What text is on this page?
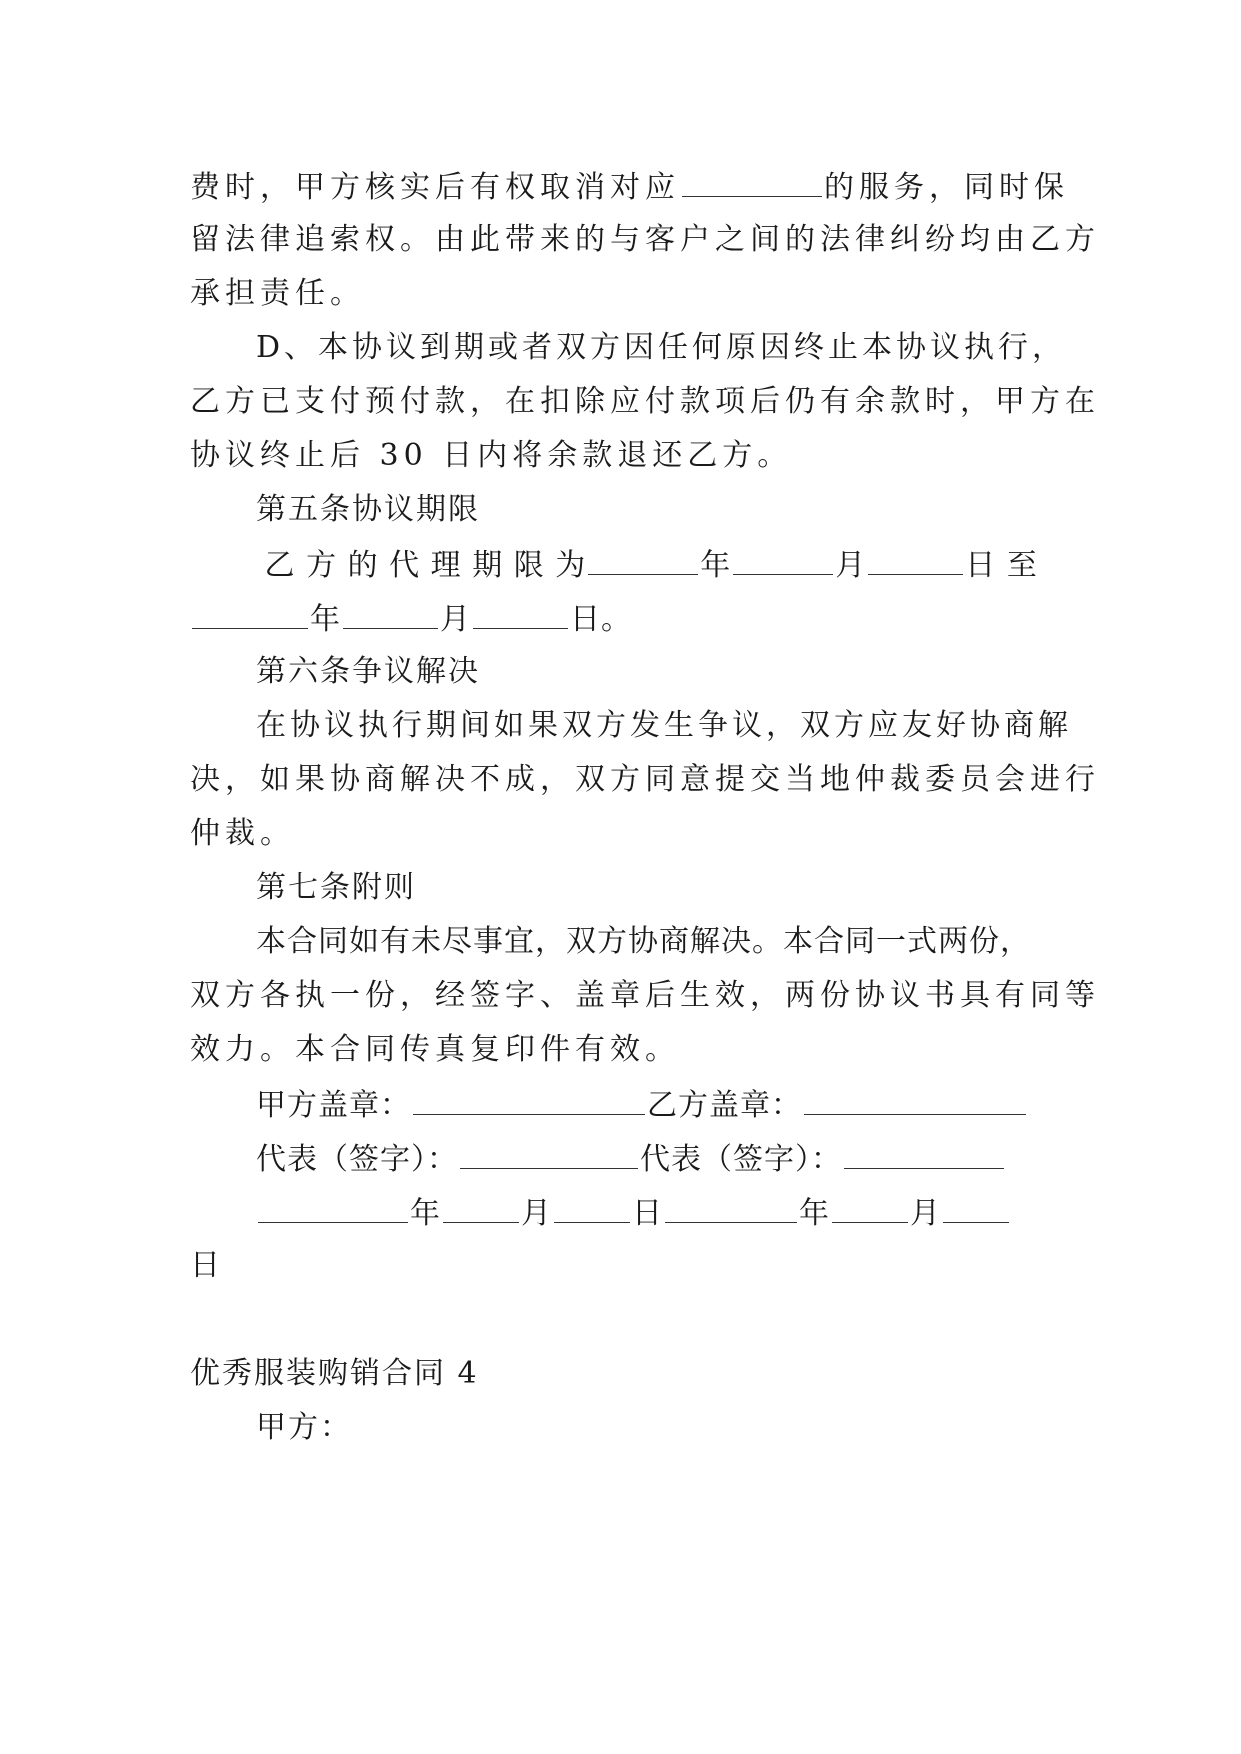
费时，甲方核实后有权取消对应	的服务，同时保

留法律追索权。由此带来的与客户之间的法律纠纷均由乙方

承担责任。

D、本协议到期或者双方因任何原因终止本协议执行，

乙方已支付预付款，在扣除应付款项后仍有余款时，甲方在

协议终止后 30 日内将余款退还乙方。

第五条协议期限

乙 方 的 代 理 期 限 为	年	月	日 至

年	月	日。

第六条争议解决

在协议执行期间如果双方发生争议，双方应友好协商解

决，如果协商解决不成，双方同意提交当地仲裁委员会进行

仲裁。

第七条附则

本合同如有未尽事宜，双方协商解决。本合同一式两份，

双方各执一份，经签字、盖章后生效，两份协议书具有同等

效力。本合同传真复印件有效。

甲方盖章：	乙方盖章：

代表（签字）：	代表（签字）：

年	月	日	年	月

日

优秀服装购销合同 4

甲方：
